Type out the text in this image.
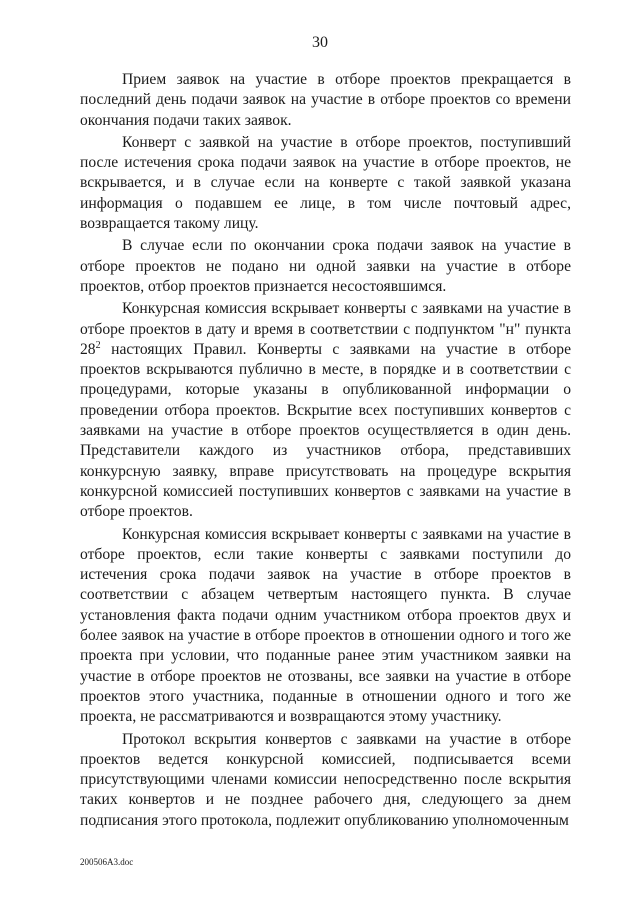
30

Прием заявок на участие в отборе проектов прекращается в последний день подачи заявок на участие в отборе проектов со времени окончания подачи таких заявок.

Конверт с заявкой на участие в отборе проектов, поступивший после истечения срока подачи заявок на участие в отборе проектов, не вскрывается, и в случае если на конверте с такой заявкой указана информация о подавшем ее лице, в том числе почтовый адрес, возвращается такому лицу.

В случае если по окончании срока подачи заявок на участие в отборе проектов не подано ни одной заявки на участие в отборе проектов, отбор проектов признается несостоявшимся.

Конкурсная комиссия вскрывает конверты с заявками на участие в отборе проектов в дату и время в соответствии с подпунктом "н" пункта $28^2$ настоящих Правил. Конверты с заявками на участие в отборе проектов вскрываются публично в месте, в порядке и в соответствии с процедурами, которые указаны в опубликованной информации о проведении отбора проектов. Вскрытие всех поступивших конвертов с заявками на участие в отборе проектов осуществляется в один день. Представители каждого из участников отбора, представивших конкурсную заявку, вправе присутствовать на процедуре вскрытия конкурсной комиссией поступивших конвертов с заявками на участие в отборе проектов.

Конкурсная комиссия вскрывает конверты с заявками на участие в отборе проектов, если такие конверты с заявками поступили до истечения срока подачи заявок на участие в отборе проектов в соответствии с абзацем четвертым настоящего пункта. В случае установления факта подачи одним участником отбора проектов двух и более заявок на участие в отборе проектов в отношении одного и того же проекта при условии, что поданные ранее этим участником заявки на участие в отборе проектов не отозваны, все заявки на участие в отборе проектов этого участника, поданные в отношении одного и того же проекта, не рассматриваются и возвращаются этому участнику.

Протокол вскрытия конвертов с заявками на участие в отборе проектов ведется конкурсной комиссией, подписывается всеми присутствующими членами комиссии непосредственно после вскрытия таких конвертов и не позднее рабочего дня, следующего за днем подписания этого протокола, подлежит опубликованию уполномоченным

200506А3.doc
